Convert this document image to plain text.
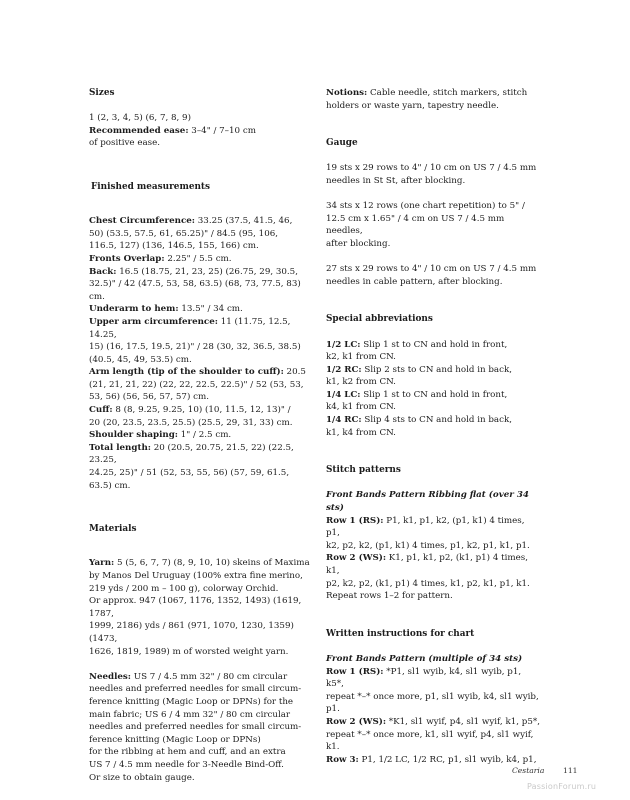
Sizes

1 (2, 3, 4, 5) (6, 7, 8, 9)

Recommended ease: 3–4" / 7–10 cm

of positive ease.

Finished measurements

Chest Circumference: 33.25 (37.5, 41.5, 46,

50) (53.5, 57.5, 61, 65.25)" / 84.5 (95, 106,

116.5, 127) (136, 146.5, 155, 166) cm.

Fronts Overlap: 2.25" / 5.5 cm.

Back: 16.5 (18.75, 21, 23, 25) (26.75, 29, 30.5,

32.5)" / 42 (47.5, 53, 58, 63.5) (68, 73, 77.5, 83) cm.

Underarm to hem: 13.5" / 34 cm.

Upper arm circumference: 11 (11.75, 12.5, 14.25,

15) (16, 17.5, 19.5, 21)" / 28 (30, 32, 36.5, 38.5)

(40.5, 45, 49, 53.5) cm.

Arm length (tip of the shoulder to cuff): 20.5

(21, 21, 21, 22) (22, 22, 22.5, 22.5)" / 52 (53, 53,

53, 56) (56, 56, 57, 57) cm.

Cuff: 8 (8, 9.25, 9.25, 10) (10, 11.5, 12, 13)" /

20 (20, 23.5, 23.5, 25.5) (25.5, 29, 31, 33) cm.

Shoulder shaping: 1" / 2.5 cm.

Total length: 20 (20.5, 20.75, 21.5, 22) (22.5, 23.25,

24.25, 25)" / 51 (52, 53, 55, 56) (57, 59, 61.5, 63.5) cm.

Materials

Yarn: 5 (5, 6, 7, 7) (8, 9, 10, 10) skeins of Maxima

by Manos Del Uruguay (100% extra fine merino,

219 yds / 200 m – 100 g), colorway Orchid.

Or approx. 947 (1067, 1176, 1352, 1493) (1619, 1787,

1999, 2186) yds / 861 (971, 1070, 1230, 1359) (1473,

1626, 1819, 1989) m of worsted weight yarn.

Needles: US 7 / 4.5 mm 32" / 80 cm circular

needles and preferred needles for small circum-

ference knitting (Magic Loop or DPNs) for the

main fabric; US 6 / 4 mm 32" / 80 cm circular

needles and preferred needles for small circum-

ference knitting (Magic Loop or DPNs)

for the ribbing at hem and cuff, and an extra

US 7 / 4.5 mm needle for 3-Needle Bind-Off.

Or size to obtain gauge.

Notions: Cable needle, stitch markers, stitch

holders or waste yarn, tapestry needle.

Gauge

19 sts x 29 rows to 4" / 10 cm on US 7 / 4.5 mm

needles in St St, after blocking.

34 sts x 12 rows (one chart repetition) to 5" /

12.5 cm x 1.65" / 4 cm on US 7 / 4.5 mm needles,

after blocking.

27 sts x 29 rows to 4" / 10 cm on US 7 / 4.5 mm

needles in cable pattern, after blocking.

Special abbreviations

1/2 LC: Slip 1 st to CN and hold in front,

k2, k1 from CN.

1/2 RC: Slip 2 sts to CN and hold in back,

k1, k2 from CN.

1/4 LC: Slip 1 st to CN and hold in front,

k4, k1 from CN.

1/4 RC: Slip 4 sts to CN and hold in back,

k1, k4 from CN.

Stitch patterns

Front Bands Pattern Ribbing flat (over 34 sts)

Row 1 (RS): P1, k1, p1, k2, (p1, k1) 4 times, p1,

k2, p2, k2, (p1, k1) 4 times, p1, k2, p1, k1, p1.

Row 2 (WS): K1, p1, k1, p2, (k1, p1) 4 times, k1,

p2, k2, p2, (k1, p1) 4 times, k1, p2, k1, p1, k1.

Repeat rows 1–2 for pattern.

Written instructions for chart

Front Bands Pattern (multiple of 34 sts)

Row 1 (RS): *P1, sl1 wyib, k4, sl1 wyib, p1, k5*,

repeat *–* once more, p1, sl1 wyib, k4, sl1 wyib, p1.

Row 2 (WS): *K1, sl1 wyif, p4, sl1 wyif, k1, p5*,

repeat *–* once more, k1, sl1 wyif, p4, sl1 wyif, k1.

Row 3: P1, 1/2 LC, 1/2 RC, p1, sl1 wyib, k4, p1,

Cestaria 111
PassionForum.ru
